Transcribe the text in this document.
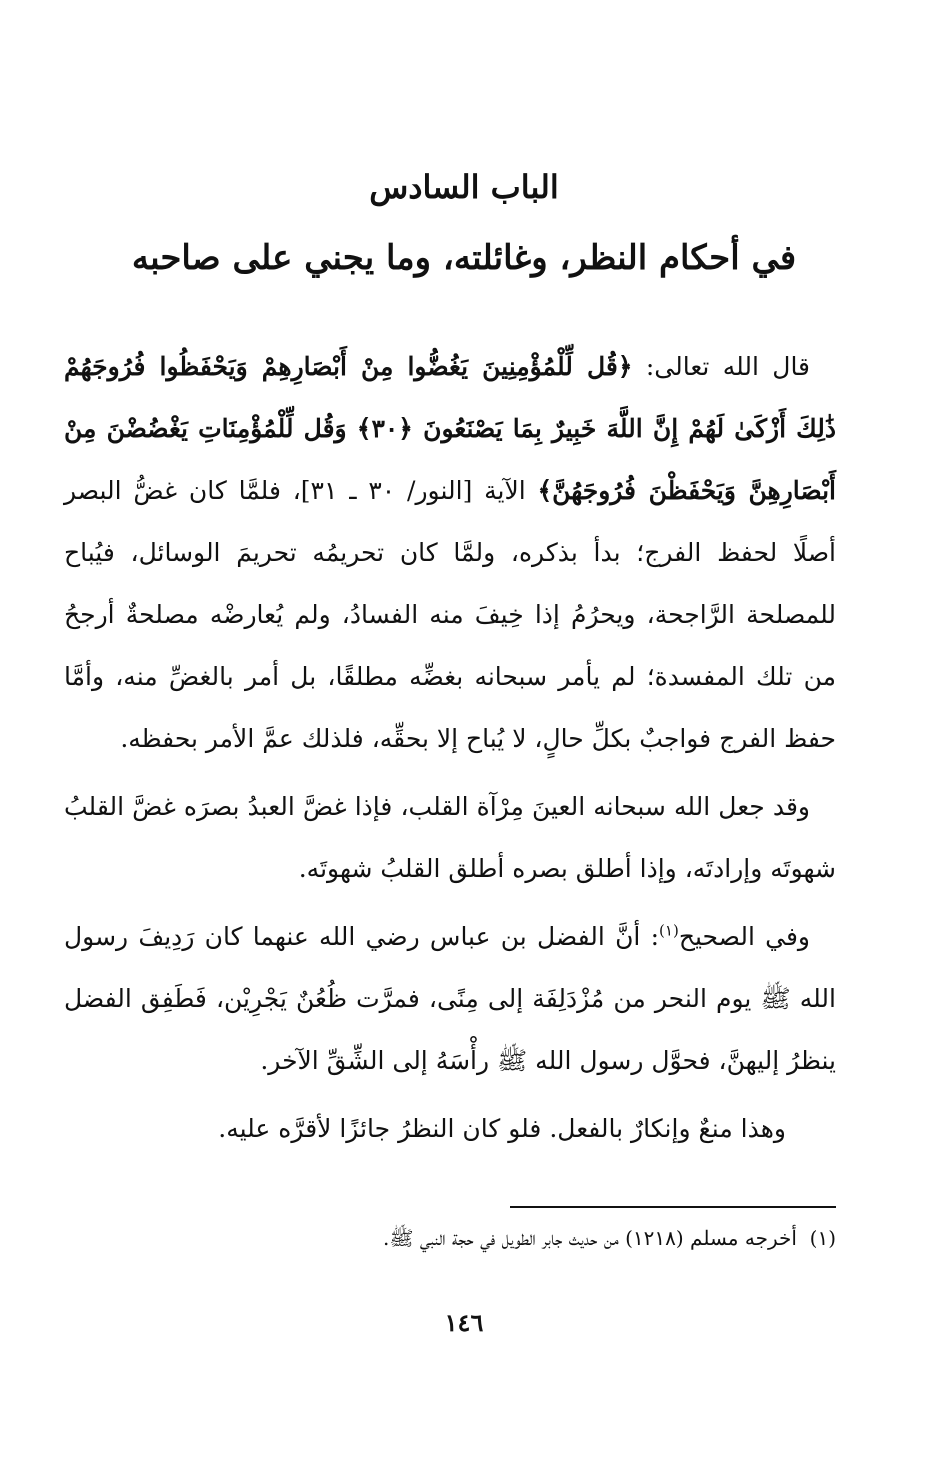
الباب السادس
في أحكام النظر، وغائلته، وما يجني على صاحبه

قال الله تعالى: ﴿قُل لِّلْمُؤْمِنِينَ يَغُضُّوا مِنْ أَبْصَارِهِمْ وَيَحْفَظُوا فُرُوجَهُمْ ذَٰلِكَ أَزْكَىٰ لَهُمْ إِنَّ اللَّهَ خَبِيرٌ بِمَا يَصْنَعُونَ ﴿٣٠﴾ وَقُل لِّلْمُؤْمِنَاتِ يَغْضُضْنَ مِنْ أَبْصَارِهِنَّ وَيَحْفَظْنَ فُرُوجَهُنَّ﴾ الآية [النور/ ٣٠ ـ ٣١]، فلمَّا كان غضُّ البصر أصلًا لحفظ الفرج؛ بدأ بذكره، ولمَّا كان تحريمُه تحريمَ الوسائل، فيُباح للمصلحة الرَّاجحة، ويحرُمُ إذا خِيفَ منه الفسادُ، ولم يُعارضْه مصلحةٌ أرجحُ من تلك المفسدة؛ لم يأمر سبحانه بغضِّه مطلقًا، بل أمر بالغضِّ منه، وأمَّا حفظ الفرج فواجبٌ بكلِّ حالٍ، لا يُباح إلا بحقِّه، فلذلك عمَّ الأمر بحفظه.

وقد جعل الله سبحانه العينَ مِرْآة القلب، فإذا غضَّ العبدُ بصرَه غضَّ القلبُ شهوتَه وإرادتَه، وإذا أطلق بصره أطلق القلبُ شهوتَه.

وفي الصحيح$^{(١)}$: أنَّ الفضل بن عباس رضي الله عنهما كان رَدِيفَ رسول الله ﷺ يوم النحر من مُزْدَلِفَة إلى مِنًى، فمرَّت ظُعُنٌ يَجْرِيْن، فَطَفِق الفضل ينظرُ إليهنَّ، فحوَّل رسول الله ﷺ رأْسَهُ إلى الشِّقِّ الآخر.

وهذا منعٌ وإنكارٌ بالفعل. فلو كان النظرُ جائزًا لأقرَّه عليه.

(١)  أخرجه مسلم (١٢١٨) من حديث جابر الطويل في حجة النبي ﷺ.
١٤٦
